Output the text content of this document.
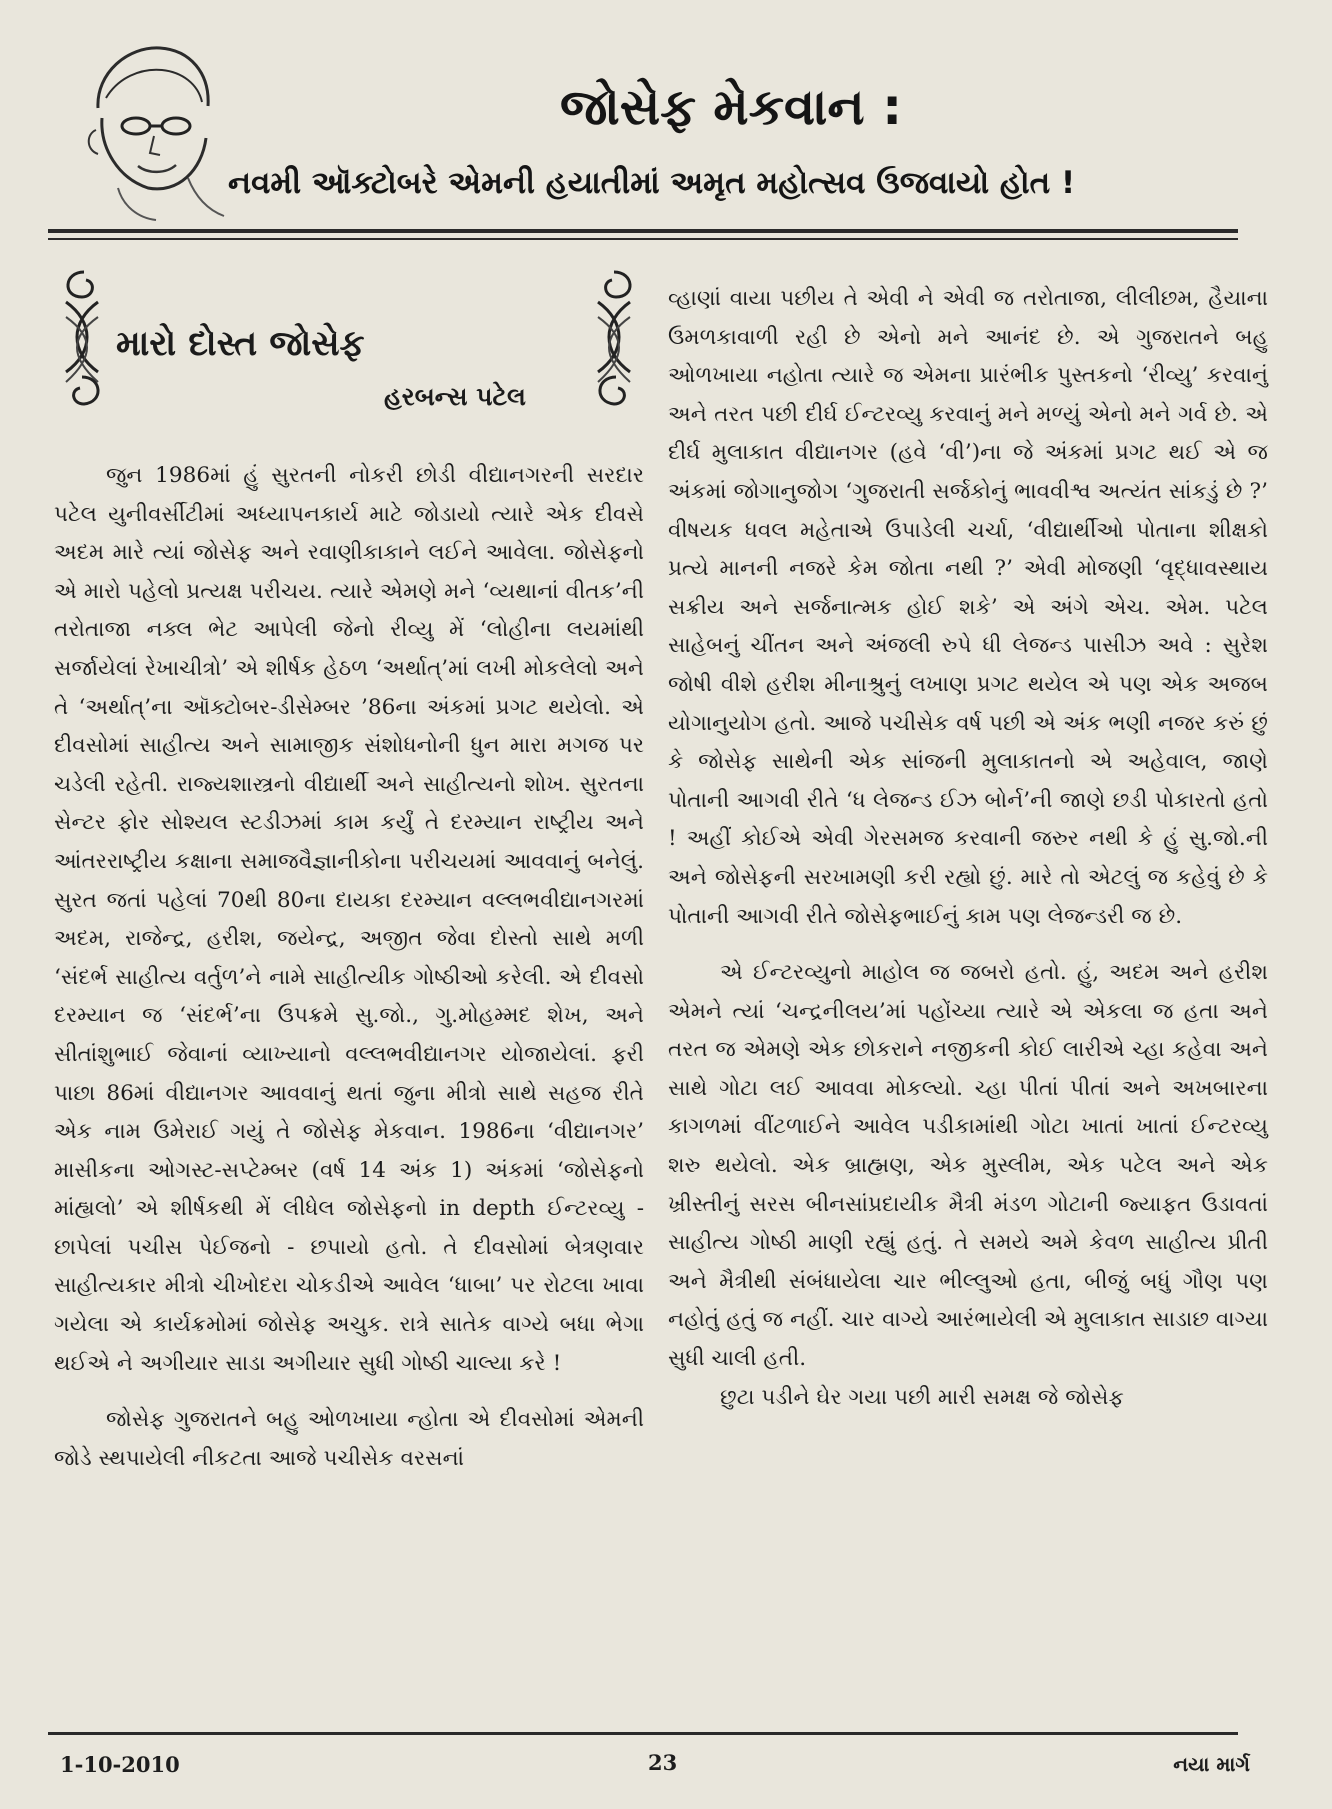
જોસેફ મેકવાન :
નવમી ઑક્ટોબરે એમની હયાતીમાં અમૃત મહોત્સવ ઉજવાયો હોત !
મારો દોસ્ત જોસેફ
હરબન્સ પટેલ

જુન 1986માં હું સુરતની નોકરી છોડી વીદ્યાનગરની સરદાર પટેલ યુનીવર્સીટીમાં અધ્યાપનકાર્ય માટે જોડાયો ત્યારે એક દીવસે અદમ મારે ત્યાં જોસેફ અને રવાણીકાકાને લઈને આવેલા. જોસેફનો એ મારો પહેલો પ્રત્યક્ષ પરીચય. ત્યારે એમણે મને ‘વ્યથાનાં વીતક’ની તરોતાજા નક્લ ભેટ આપેલી જેનો રીવ્યુ મેં ‘લોહીના લયમાંથી સર્જાયેલાં રેખાચીત્રો’ એ શીર્ષક હેઠળ ‘અર્થાત્’માં લખી મોકલેલો અને તે ‘અર્થાત્’ના ઑક્ટોબર-ડીસેમ્બર ’86ના અંકમાં પ્રગટ થયેલો. એ દીવસોમાં સાહીત્ય અને સામાજીક સંશોધનોની ધુન મારા મગજ પર ચડેલી રહેતી. રાજ્યશાસ્ત્રનો વીદ્યાર્થી અને સાહીત્યનો શોખ. સુરતના સેન્ટર ફોર સોશ્યલ સ્ટડીઝમાં કામ કર્યું તે દરમ્યાન રાષ્ટ્રીય અને આંતરરાષ્ટ્રીય કક્ષાના સમાજવૈજ્ઞાનીકોના પરીચયમાં આવવાનું બનેલું. સુરત જતાં પહેલાં 70થી 80ના દાયકા દરમ્યાન વલ્લભવીદ્યાનગરમાં અદમ, રાજેન્દ્ર, હરીશ, જયેન્દ્ર, અજીત જેવા દોસ્તો સાથે મળી ‘સંદર્ભ સાહીત્ય વર્તુળ’ને નામે સાહીત્યીક ગોષ્ઠીઓ કરેલી. એ દીવસો દરમ્યાન જ ‘સંદર્ભ’ના ઉપક્રમે સુ.જો., ગુ.મોહમ્મદ શેખ, અને સીતાંશુભાઈ જેવાનાં વ્યાખ્યાનો વલ્લભવીદ્યાનગર યોજાયેલાં. ફરી પાછા 86માં વીદ્યાનગર આવવાનું થતાં જુના મીત્રો સાથે સહજ રીતે એક નામ ઉમેરાઈ ગયું તે જોસેફ મેકવાન. 1986ના ‘વીદ્યાનગર’ માસીકના ઓગસ્ટ-સપ્ટેમ્બર (વર્ષ 14 અંક 1) અંકમાં ‘જોસેફનો માંહ્યલો’ એ શીર્ષકથી મેં લીધેલ જોસેફનો in depth ઈન્ટરવ્યુ - છાપેલાં પચીસ પેઈજનો - છપાયો હતો. તે દીવસોમાં બેત્રણવાર સાહીત્યકાર મીત્રો ચીખોદરા ચોકડીએ આવેલ ‘ધાબા’ પર રોટલા ખાવા ગયેલા એ કાર્યક્રમોમાં જોસેફ અચુક. રાત્રે સાતેક વાગ્યે બધા ભેગા થઈએ ને અગીયાર સાડા અગીયાર સુધી ગોષ્ઠી ચાલ્યા કરે !

જોસેફ ગુજરાતને બહુ ઓળખાયા ન્હોતા એ દીવસોમાં એમની જોડે સ્થપાયેલી નીકટતા આજે પચીસેક વરસનાં

વ્હાણાં વાયા પછીય તે એવી ને એવી જ તરોતાજા, લીલીછમ, હૈયાના ઉમળકાવાળી રહી છે એનો મને આનંદ છે. એ ગુજરાતને બહુ ઓળખાયા નહોતા ત્યારે જ એમના પ્રારંભીક પુસ્તકનો ‘રીવ્યુ’ કરવાનું અને તરત પછી દીર્ઘ ઈન્ટરવ્યુ કરવાનું મને મળ્યું એનો મને ગર્વ છે. એ દીર્ઘ મુલાકાત વીદ્યાનગર (હવે ‘વી’)ના જે અંકમાં પ્રગટ થઈ એ જ અંકમાં જોગાનુજોગ ‘ગુજરાતી સર્જકોનું ભાવવીશ્વ અત્યંત સાંકડું છે ?’ વીષયક ધવલ મહેતાએ ઉપાડેલી ચર્ચા, ‘વીદ્યાર્થીઓ પોતાના શીક્ષકો પ્રત્યે માનની નજરે કેમ જોતા નથી ?’ એવી મોજણી ‘વૃદ્ધાવસ્થાય સક્રીય અને સર્જનાત્મક હોઈ શકે’ એ અંગે એચ. એમ. પટેલ સાહેબનું ચીંતન અને અંજલી રુપે ધી લેજન્ડ પાસીઝ અવે : સુરેશ જોષી વીશે હરીશ મીનાશ્રુનું લખાણ પ્રગટ થયેલ એ પણ એક અજબ યોગાનુયોગ હતો. આજે પચીસેક વર્ષ પછી એ અંક ભણી નજર કરું છું કે જોસેફ સાથેની એક સાંજની મુલાકાતનો એ અહેવાલ, જાણે પોતાની આગવી રીતે ‘ધ લેજન્ડ ઈઝ બોર્ન’ની જાણે છડી પોકારતો હતો ! અહીં કોઈએ એવી ગેરસમજ કરવાની જરુર નથી કે હું સુ.જો.ની અને જોસેફની સરખામણી કરી રહ્યો છું. મારે તો એટલું જ કહેવું છે કે પોતાની આગવી રીતે જોસેફભાઈનું કામ પણ લેજન્ડરી જ છે.

એ ઈન્ટરવ્યુનો માહોલ જ જબરો હતો. હું, અદમ અને હરીશ એમને ત્યાં ‘ચન્દ્રનીલય’માં પહોંચ્યા ત્યારે એ એકલા જ હતા અને તરત જ એમણે એક છોકરાને નજીકની કોઈ લારીએ ચ્હા કહેવા અને સાથે ગોટા લઈ આવવા મોકલ્યો. ચ્હા પીતાં પીતાં અને અખબારના કાગળમાં વીંટળાઈને આવેલ પડીકામાંથી ગોટા ખાતાં ખાતાં ઈન્ટરવ્યુ શરુ થયેલો. એક બ્રાહ્મણ, એક મુસ્લીમ, એક પટેલ અને એક ખ્રીસ્તીનું સરસ બીનસાંપ્રદાયીક મૈત્રી મંડળ ગોટાની જ્યાફત ઉડાવતાં સાહીત્ય ગોષ્ઠી માણી રહ્યું હતું. તે સમયે અમે કેવળ સાહીત્ય પ્રીતી અને મૈત્રીથી સંબંધાયેલા ચાર ભીલ્લુઓ હતા, બીજું બધું ગૌણ પણ નહોતું હતું જ નહીં. ચાર વાગ્યે આરંભાયેલી એ મુલાકાત સાડાછ વાગ્યા સુધી ચાલી હતી.

છુટા પડીને ઘેર ગયા પછી મારી સમક્ષ જે જોસેફ

1-10-2010	23	નયા માર્ગ
